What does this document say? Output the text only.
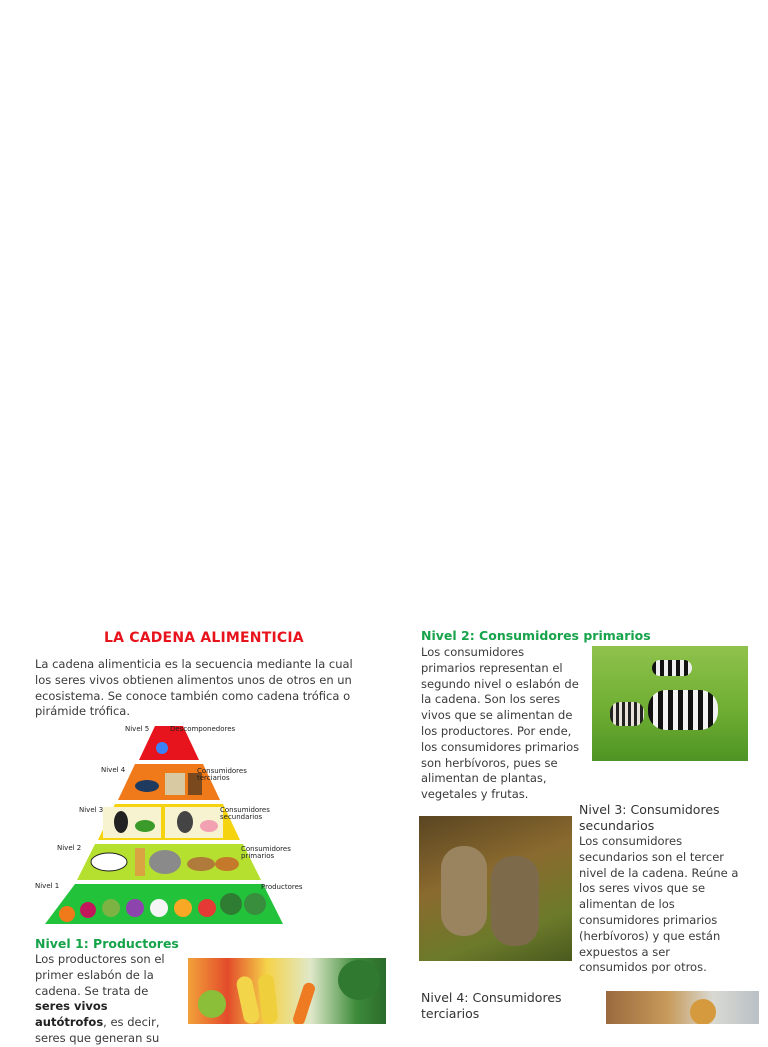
LA CADENA ALIMENTICIA
La cadena alimenticia es la secuencia mediante la cual los seres vivos obtienen alimentos unos de otros en un ecosistema. Se conoce también como cadena trófica o pirámide trófica.
Nivel 5
Nivel 4
Nivel 3
Nivel 2
Nivel 1
Descomponedores
Consumidores
terciarios
Consumidores
secundarios
Consumidores
primarios
Productores
Nivel 1: Productores
Los productores son el primer eslabón de la cadena. Se trata de seres vivos autótrofos, es decir, seres que generan su
Nivel 2: Consumidores primarios
Los consumidores primarios representan el segundo nivel o eslabón de la cadena. Son los seres vivos que se alimentan de los productores. Por ende, los consumidores primarios son herbívoros, pues se alimentan de plantas, vegetales y frutas.
Nivel 3: Consumidores secundarios
Los consumidores secundarios son el tercer nivel de la cadena. Reúne a los seres vivos que se alimentan de los consumidores primarios (herbívoros) y que están expuestos a ser consumidos por otros.
Nivel 4: Consumidores terciarios
